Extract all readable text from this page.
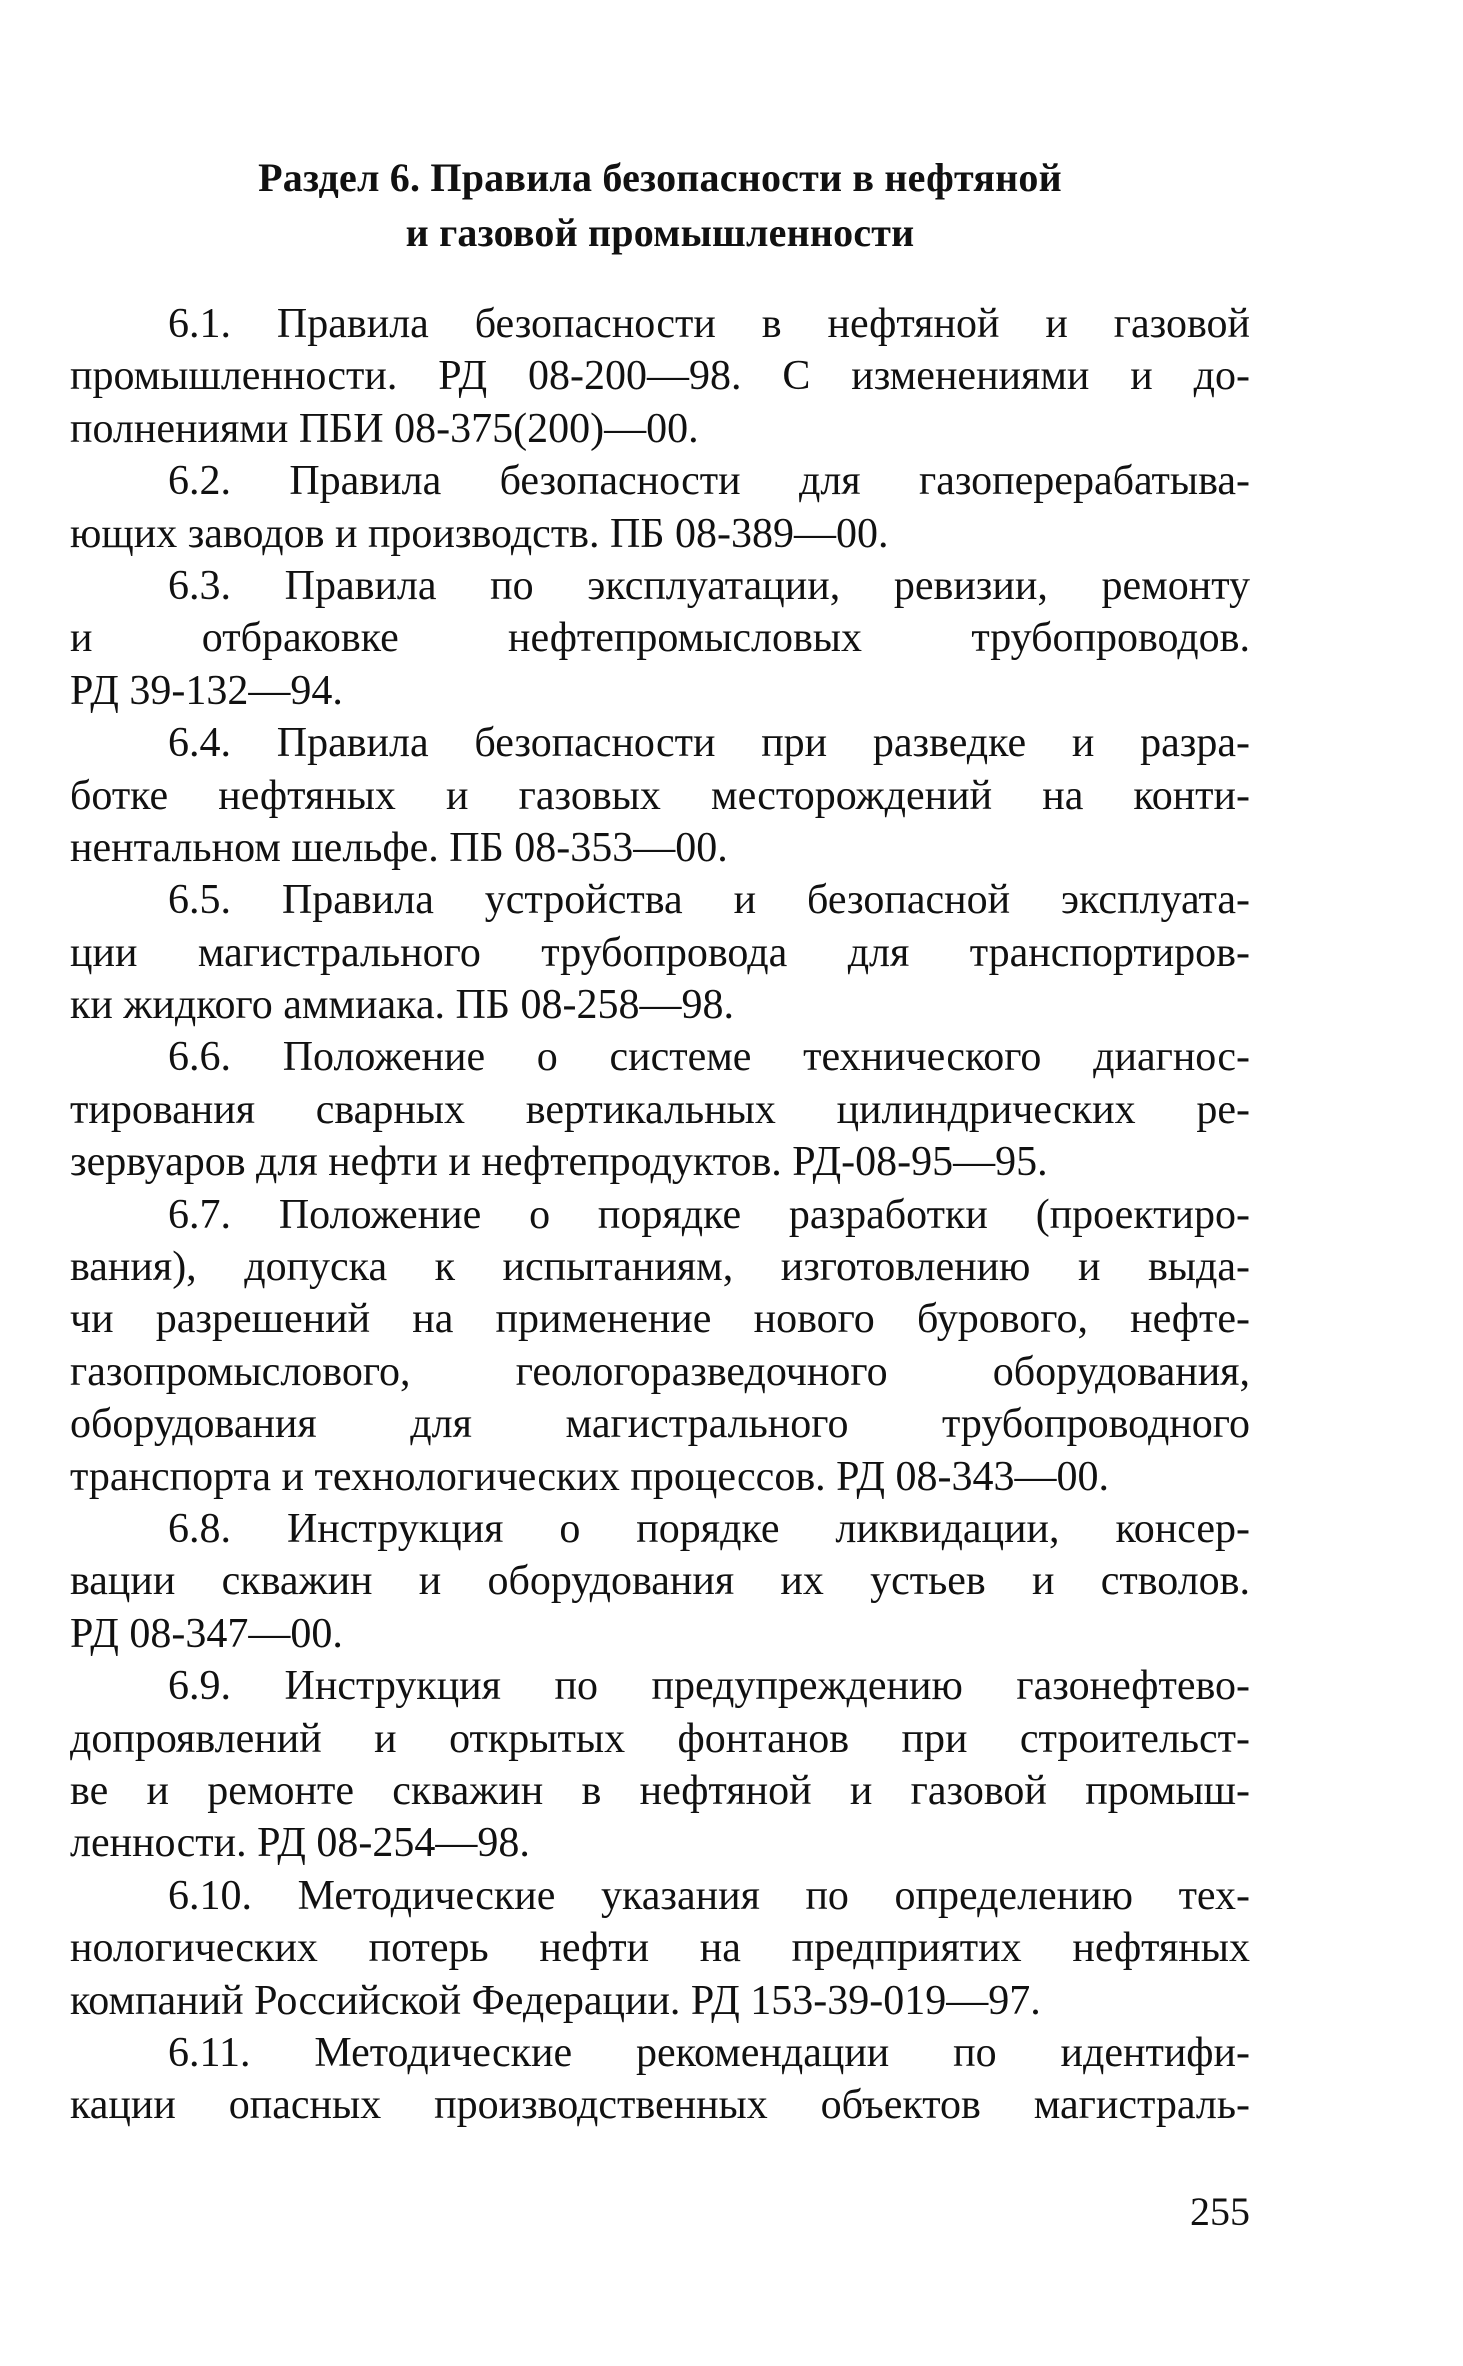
Раздел 6. Правила безопасности в нефтяной
и газовой промышленности
6.1. Правила безопасности в нефтяной и газовой
промышленности. РД 08-200—98. С изменениями и до-
полнениями ПБИ 08-375(200)—00.
6.2. Правила безопасности для газоперерабатыва-
ющих заводов и производств. ПБ 08-389—00.
6.3. Правила по эксплуатации, ревизии, ремонту
и отбраковке нефтепромысловых трубопроводов.
РД 39-132—94.
6.4. Правила безопасности при разведке и разра-
ботке нефтяных и газовых месторождений на конти-
нентальном шельфе. ПБ 08-353—00.
6.5. Правила устройства и безопасной эксплуата-
ции магистрального трубопровода для транспортиров-
ки жидкого аммиака. ПБ 08-258—98.
6.6. Положение о системе технического диагнос-
тирования сварных вертикальных цилиндрических ре-
зервуаров для нефти и нефтепродуктов. РД-08-95—95.
6.7. Положение о порядке разработки (проектиро-
вания), допуска к испытаниям, изготовлению и выда-
чи разрешений на применение нового бурового, нефте-
газопромыслового, геологоразведочного оборудования,
оборудования для магистрального трубопроводного
транспорта и технологических процессов. РД 08-343—00.
6.8. Инструкция о порядке ликвидации, консер-
вации скважин и оборудования их устьев и стволов.
РД 08-347—00.
6.9. Инструкция по предупреждению газонефтево-
допроявлений и открытых фонтанов при строительст-
ве и ремонте скважин в нефтяной и газовой промыш-
ленности. РД 08-254—98.
6.10. Методические указания по определению тех-
нологических потерь нефти на предприятих нефтяных
компаний Российской Федерации. РД 153-39-019—97.
6.11. Методические рекомендации по идентифи-
кации опасных производственных объектов магистраль-
255
